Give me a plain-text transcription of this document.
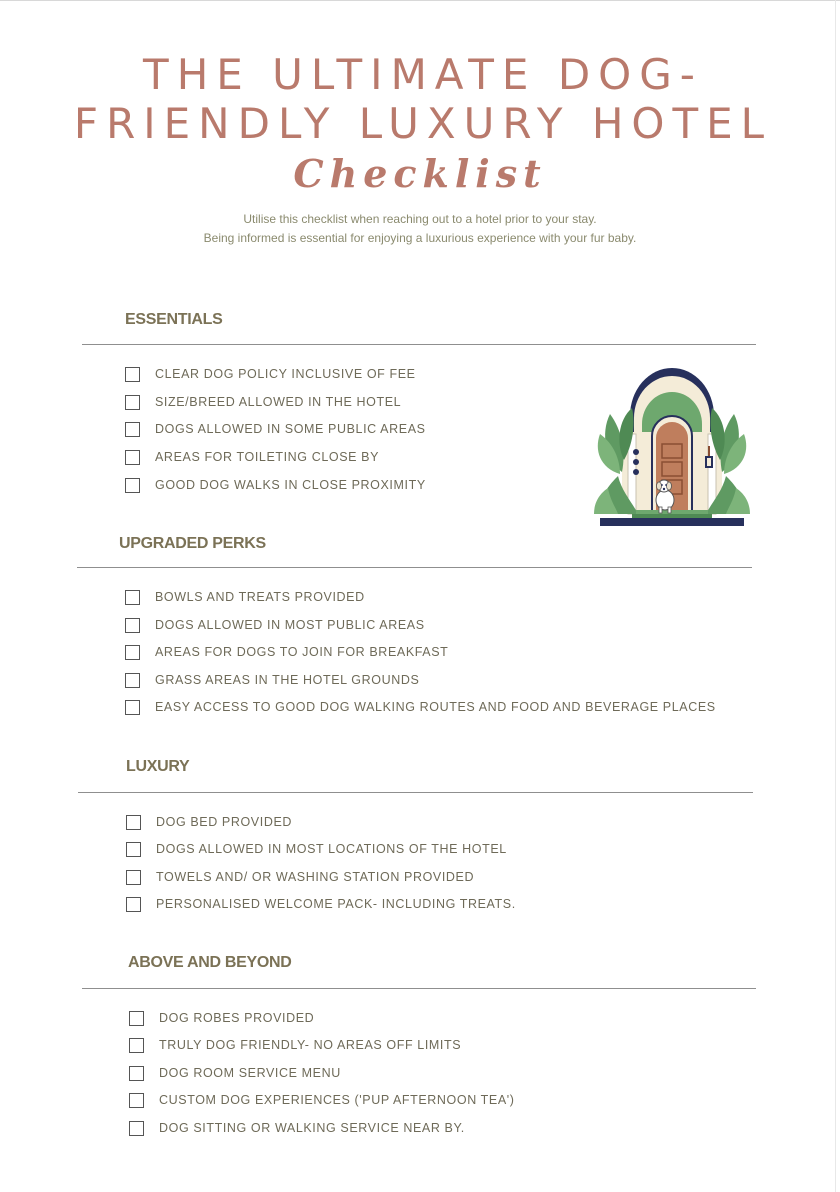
THE ULTIMATE DOG- FRIENDLY LUXURY HOTEL
Checklist

Utilise this checklist when reaching out to a hotel prior to your stay.
Being informed is essential for enjoying a luxurious experience with your fur baby.

ESSENTIALS
CLEAR DOG POLICY INCLUSIVE OF FEE
SIZE/BREED ALLOWED IN THE HOTEL
DOGS ALLOWED IN SOME PUBLIC AREAS
AREAS FOR TOILETING CLOSE BY
GOOD DOG WALKS IN CLOSE PROXIMITY
UPGRADED PERKS
BOWLS AND TREATS PROVIDED
DOGS ALLOWED IN MOST PUBLIC AREAS
AREAS FOR DOGS TO JOIN FOR BREAKFAST
GRASS AREAS IN THE HOTEL GROUNDS
EASY ACCESS TO GOOD DOG WALKING ROUTES AND FOOD AND BEVERAGE PLACES
LUXURY
DOG BED PROVIDED
DOGS ALLOWED IN MOST LOCATIONS OF THE HOTEL
TOWELS AND/ OR WASHING STATION PROVIDED
PERSONALISED WELCOME PACK- INCLUDING TREATS.
ABOVE AND BEYOND
DOG ROBES PROVIDED
TRULY DOG FRIENDLY- NO AREAS OFF LIMITS
DOG ROOM SERVICE MENU
CUSTOM DOG EXPERIENCES ('PUP AFTERNOON TEA')
DOG SITTING OR WALKING SERVICE NEAR BY.
